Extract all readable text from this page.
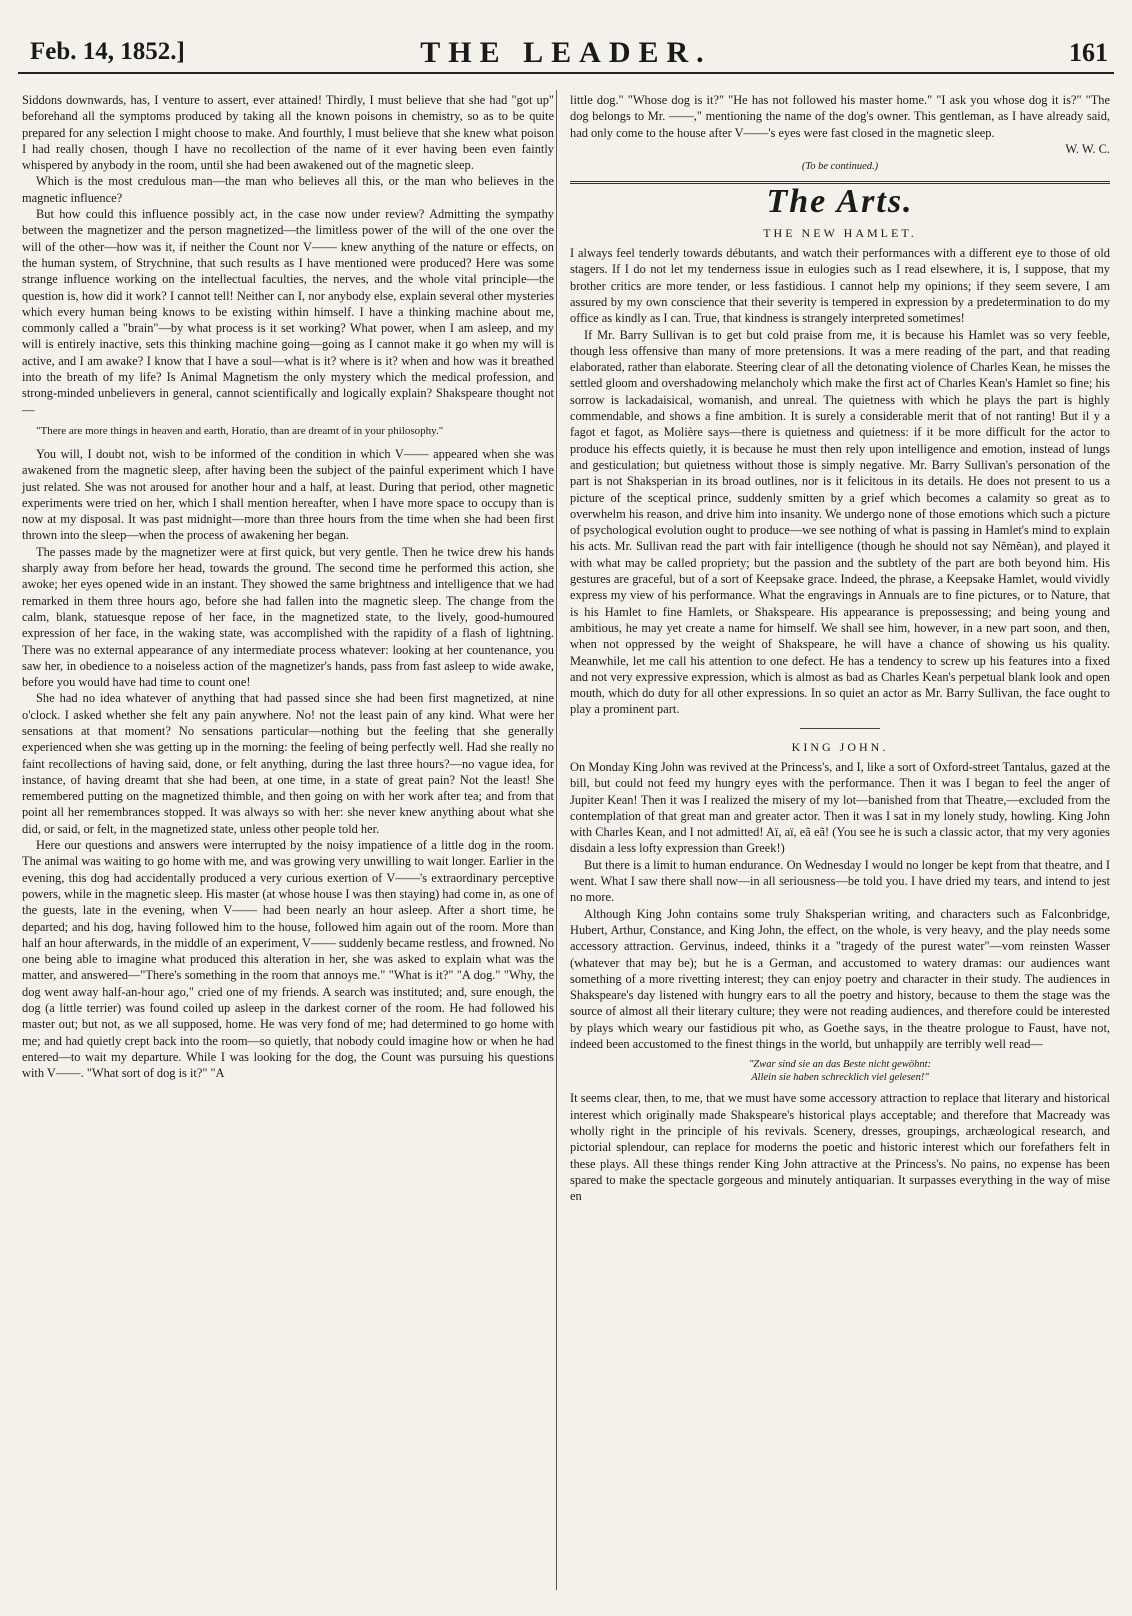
Feb. 14, 1852.]	THE LEADER.	161

Siddons downwards, has, I venture to assert, ever attained! Thirdly, I must believe that she had "got up" beforehand all the symptoms produced by taking all the known poisons in chemistry, so as to be quite prepared for any selection I might choose to make. And fourthly, I must believe that she knew what poison I had really chosen, though I have no recollection of the name of it ever having been even faintly whispered by anybody in the room, until she had been awakened out of the magnetic sleep.

Which is the most credulous man—the man who believes all this, or the man who believes in the magnetic influence?

But how could this influence possibly act, in the case now under review? Admitting the sympathy between the magnetizer and the person magnetized—the limitless power of the will of the one over the will of the other—how was it, if neither the Count nor V—— knew anything of the nature or effects, on the human system, of Strychnine, that such results as I have mentioned were produced? Here was some strange influence working on the intellectual faculties, the nerves, and the whole vital principle—the question is, how did it work? I cannot tell! Neither can I, nor anybody else, explain several other mysteries which every human being knows to be existing within himself. I have a thinking machine about me, commonly called a "brain"—by what process is it set working? What power, when I am asleep, and my will is entirely inactive, sets this thinking machine going—going as I cannot make it go when my will is active, and I am awake? I know that I have a soul—what is it? where is it? when and how was it breathed into the breath of my life? Is Animal Magnetism the only mystery which the medical profession, and strong-minded unbelievers in general, cannot scientifically and logically explain? Shakspeare thought not—

"There are more things in heaven and earth, Horatio, than are dreamt of in your philosophy."

You will, I doubt not, wish to be informed of the condition in which V—— appeared when she was awakened from the magnetic sleep, after having been the subject of the painful experiment which I have just related. She was not aroused for another hour and a half, at least. During that period, other magnetic experiments were tried on her, which I shall mention hereafter, when I have more space to occupy than is now at my disposal. It was past midnight—more than three hours from the time when she had been first thrown into the sleep—when the process of awakening her began.

The passes made by the magnetizer were at first quick, but very gentle. Then he twice drew his hands sharply away from before her head, towards the ground. The second time he performed this action, she awoke; her eyes opened wide in an instant. They showed the same brightness and intelligence that we had remarked in them three hours ago, before she had fallen into the magnetic sleep. The change from the calm, blank, statuesque repose of her face, in the magnetized state, to the lively, good-humoured expression of her face, in the waking state, was accomplished with the rapidity of a flash of lightning. There was no external appearance of any intermediate process whatever: looking at her countenance, you saw her, in obedience to a noiseless action of the magnetizer's hands, pass from fast asleep to wide awake, before you would have had time to count one!

She had no idea whatever of anything that had passed since she had been first magnetized, at nine o'clock. I asked whether she felt any pain anywhere. No! not the least pain of any kind. What were her sensations at that moment? No sensations particular—nothing but the feeling that she generally experienced when she was getting up in the morning: the feeling of being perfectly well. Had she really no faint recollections of having said, done, or felt anything, during the last three hours?—no vague idea, for instance, of having dreamt that she had been, at one time, in a state of great pain? Not the least! She remembered putting on the magnetized thimble, and then going on with her work after tea; and from that point all her remembrances stopped. It was always so with her: she never knew anything about what she did, or said, or felt, in the magnetized state, unless other people told her.

Here our questions and answers were interrupted by the noisy impatience of a little dog in the room. The animal was waiting to go home with me, and was growing very unwilling to wait longer. Earlier in the evening, this dog had accidentally produced a very curious exertion of V——'s extraordinary perceptive powers, while in the magnetic sleep. His master (at whose house I was then staying) had come in, as one of the guests, late in the evening, when V—— had been nearly an hour asleep. After a short time, he departed; and his dog, having followed him to the house, followed him again out of the room. More than half an hour afterwards, in the middle of an experiment, V—— suddenly became restless, and frowned. No one being able to imagine what produced this alteration in her, she was asked to explain what was the matter, and answered—"There's something in the room that annoys me." "What is it?" "A dog." "Why, the dog went away half-an-hour ago," cried one of my friends. A search was instituted; and, sure enough, the dog (a little terrier) was found coiled up asleep in the darkest corner of the room. He had followed his master out; but not, as we all supposed, home. He was very fond of me; had determined to go home with me; and had quietly crept back into the room—so quietly, that nobody could imagine how or when he had entered—to wait my departure. While I was looking for the dog, the Count was pursuing his questions with V——. "What sort of dog is it?" "A

little dog." "Whose dog is it?" "He has not followed his master home." "I ask you whose dog it is?" "The dog belongs to Mr. ——," mentioning the name of the dog's owner. This gentleman, as I have already said, had only come to the house after V——'s eyes were fast closed in the magnetic sleep.

W. W. C.
(To be continued.)
The Arts.
THE NEW HAMLET.

I always feel tenderly towards débutants, and watch their performances with a different eye to those of old stagers. If I do not let my tenderness issue in eulogies such as I read elsewhere, it is, I suppose, that my brother critics are more tender, or less fastidious. I cannot help my opinions; if they seem severe, I am assured by my own conscience that their severity is tempered in expression by a predetermination to do my office as kindly as I can. True, that kindness is strangely interpreted sometimes!

If Mr. Barry Sullivan is to get but cold praise from me, it is because his Hamlet was so very feeble, though less offensive than many of more pretensions. It was a mere reading of the part, and that reading elaborated, rather than elaborate. Steering clear of all the detonating violence of Charles Kean, he misses the settled gloom and overshadowing melancholy which make the first act of Charles Kean's Hamlet so fine; his sorrow is lackadaisical, womanish, and unreal. The quietness with which he plays the part is highly commendable, and shows a fine ambition. It is surely a considerable merit that of not ranting! But il y a fagot et fagot, as Molière says—there is quietness and quietness: if it be more difficult for the actor to produce his effects quietly, it is because he must then rely upon intelligence and emotion, instead of lungs and gesticulation; but quietness without those is simply negative. Mr. Barry Sullivan's personation of the part is not Shaksperian in its broad outlines, nor is it felicitous in its details. He does not present to us a picture of the sceptical prince, suddenly smitten by a grief which becomes a calamity so great as to overwhelm his reason, and drive him into insanity. We undergo none of those emotions which such a picture of psychological evolution ought to produce—we see nothing of what is passing in Hamlet's mind to explain his acts. Mr. Sullivan read the part with fair intelligence (though he should not say Nĕmĕan), and played it with what may be called propriety; but the passion and the subtlety of the part are both beyond him. His gestures are graceful, but of a sort of Keepsake grace. Indeed, the phrase, a Keepsake Hamlet, would vividly express my view of his performance. What the engravings in Annuals are to fine pictures, or to Nature, that is his Hamlet to fine Hamlets, or Shakspeare. His appearance is prepossessing; and being young and ambitious, he may yet create a name for himself. We shall see him, however, in a new part soon, and then, when not oppressed by the weight of Shakspeare, he will have a chance of showing us his quality. Meanwhile, let me call his attention to one defect. He has a tendency to screw up his features into a fixed and not very expressive expression, which is almost as bad as Charles Kean's perpetual blank look and open mouth, which do duty for all other expressions. In so quiet an actor as Mr. Barry Sullivan, the face ought to play a prominent part.

KING JOHN.

On Monday King John was revived at the Princess's, and I, like a sort of Oxford-street Tantalus, gazed at the bill, but could not feed my hungry eyes with the performance. Then it was I began to feel the anger of Jupiter Kean! Then it was I realized the misery of my lot—banished from that Theatre,—excluded from the contemplation of that great man and greater actor. Then it was I sat in my lonely study, howling. King John with Charles Kean, and I not admitted! Aï, aï, eã eã! (You see he is such a classic actor, that my very agonies disdain a less lofty expression than Greek!)

But there is a limit to human endurance. On Wednesday I would no longer be kept from that theatre, and I went. What I saw there shall now—in all seriousness—be told you. I have dried my tears, and intend to jest no more.

Although King John contains some truly Shaksperian writing, and characters such as Falconbridge, Hubert, Arthur, Constance, and King John, the effect, on the whole, is very heavy, and the play needs some accessory attraction. Gervinus, indeed, thinks it a "tragedy of the purest water"—vom reinsten Wasser (whatever that may be); but he is a German, and accustomed to watery dramas: our audiences want something of a more rivetting interest; they can enjoy poetry and character in their study. The audiences in Shakspeare's day listened with hungry ears to all the poetry and history, because to them the stage was the source of almost all their literary culture; they were not reading audiences, and therefore could be interested by plays which weary our fastidious pit who, as Goethe says, in the theatre prologue to Faust, have not, indeed been accustomed to the finest things in the world, but unhappily are terribly well read—

"Zwar sind sie an das Beste nicht gewöhnt:
Allein sie haben schrecklich viel gelesen!"

It seems clear, then, to me, that we must have some accessory attraction to replace that literary and historical interest which originally made Shakspeare's historical plays acceptable; and therefore that Macready was wholly right in the principle of his revivals. Scenery, dresses, groupings, archæological research, and pictorial splendour, can replace for moderns the poetic and historic interest which our forefathers felt in these plays. All these things render King John attractive at the Princess's. No pains, no expense has been spared to make the spectacle gorgeous and minutely antiquarian. It surpasses everything in the way of mise en
